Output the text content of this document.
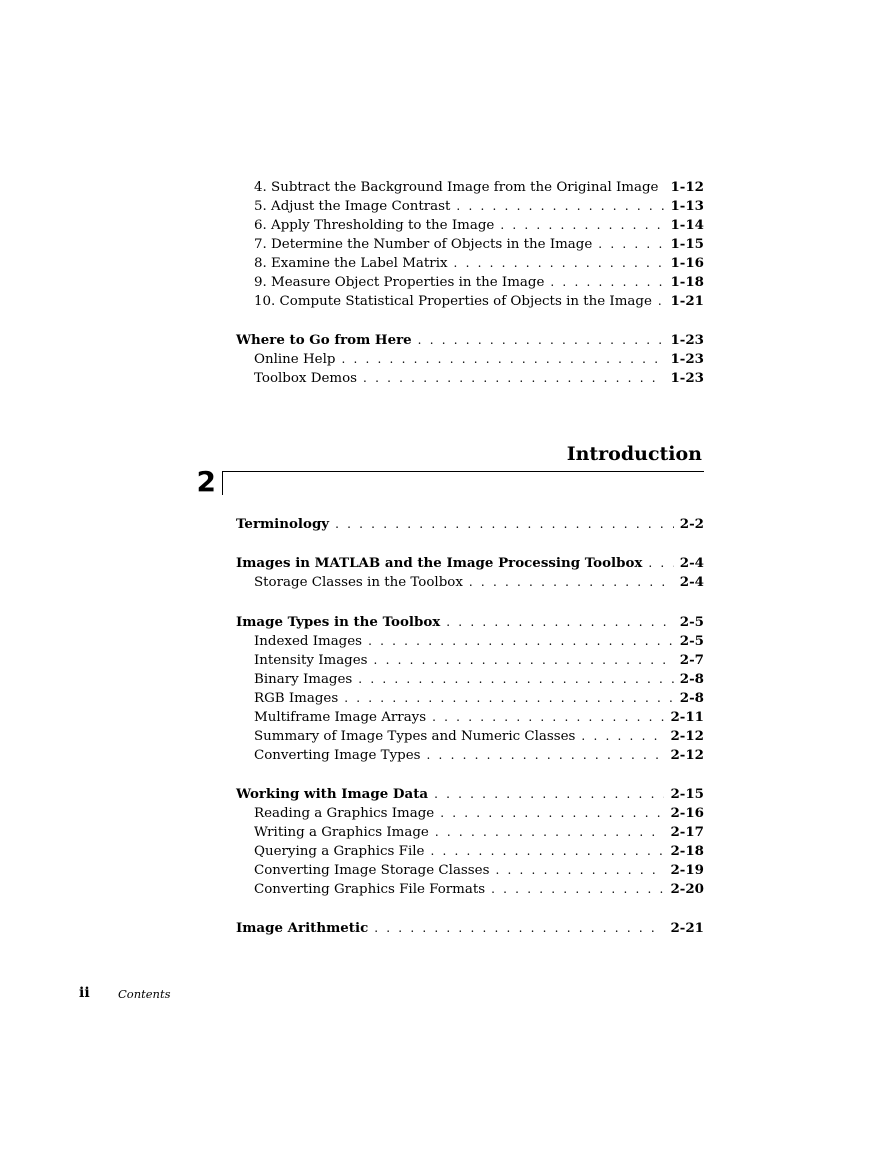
4. Subtract the Background Image from the Original Image . . . 1-12
5. Adjust the Image Contrast . . .	1-13
6. Apply Thresholding to the Image . . .	1-14
7. Determine the Number of Objects in the Image . . .	1-15
8. Examine the Label Matrix . . .	1-16
9. Measure Object Properties in the Image . . .	1-18
10. Compute Statistical Properties of Objects in the Image . . . 1-21
Where to Go from Here . . .	1-23
Online Help . . .	1-23
Toolbox Demos . . .	1-23
Introduction
2
Terminology . . .	2-2
Images in MATLAB and the Image Processing Toolbox . . .	2-4
Storage Classes in the Toolbox . . .	2-4
Image Types in the Toolbox . . .	2-5
Indexed Images . . .	2-5
Intensity Images . . .	2-7
Binary Images . . .	2-8
RGB Images . . .	2-8
Multiframe Image Arrays . . .	2-11
Summary of Image Types and Numeric Classes . . .	2-12
Converting Image Types . . .	2-12
Working with Image Data . . .	2-15
Reading a Graphics Image . . .	2-16
Writing a Graphics Image . . .	2-17
Querying a Graphics File . . .	2-18
Converting Image Storage Classes . . .	2-19
Converting Graphics File Formats . . .	2-20
Image Arithmetic . . .	2-21
ii Contents
